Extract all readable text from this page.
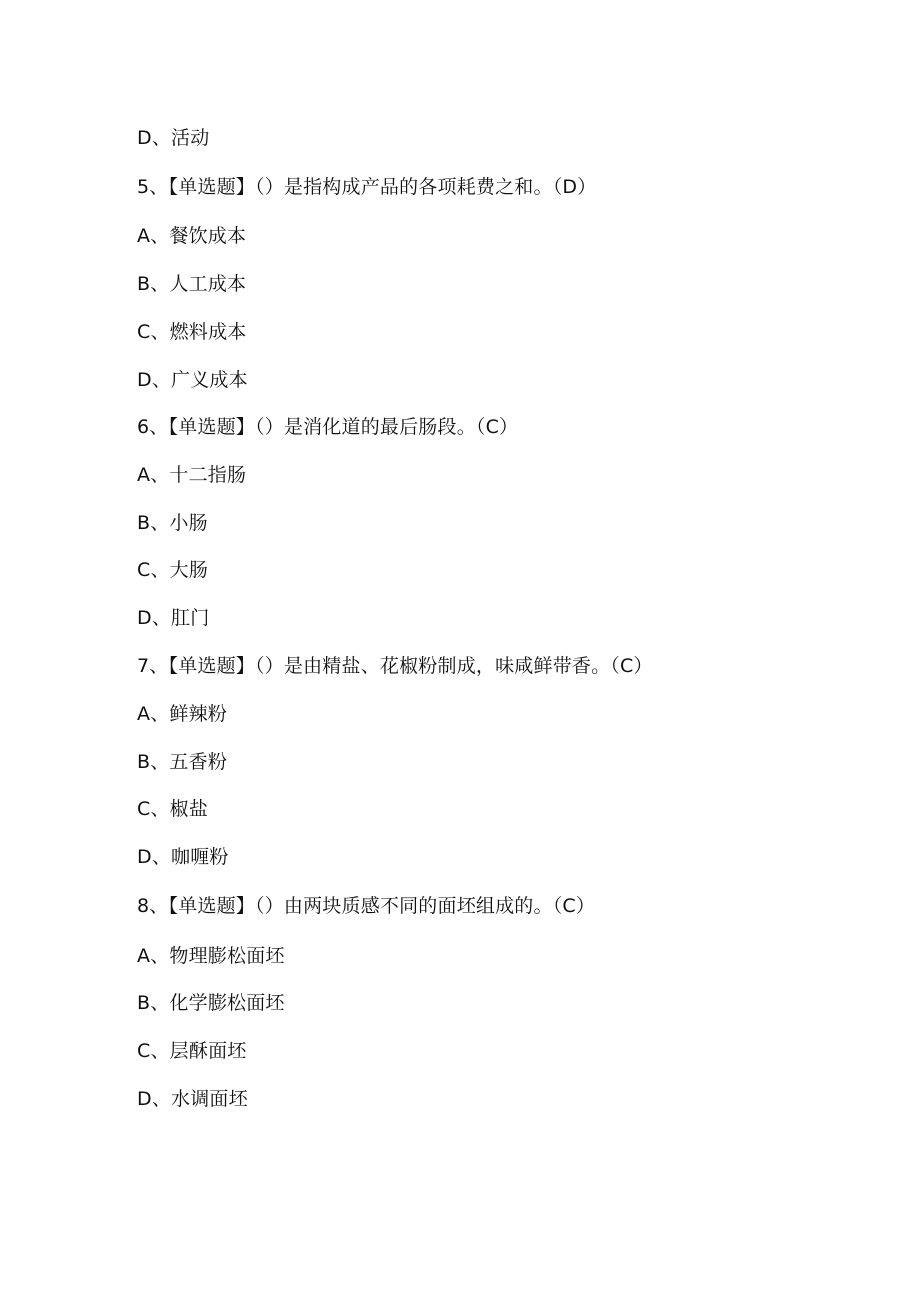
D、活动
5、【单选题】（）是指构成产品的各项耗费之和。（D）
A、餐饮成本
B、人工成本
C、燃料成本
D、广义成本
6、【单选题】（）是消化道的最后肠段。（C）
A、十二指肠
B、小肠
C、大肠
D、肛门
7、【单选题】（）是由精盐、花椒粉制成，味咸鲜带香。（C）
A、鲜辣粉
B、五香粉
C、椒盐
D、咖喱粉
8、【单选题】（）由两块质感不同的面坯组成的。（C）
A、物理膨松面坯
B、化学膨松面坯
C、层酥面坯
D、水调面坯
